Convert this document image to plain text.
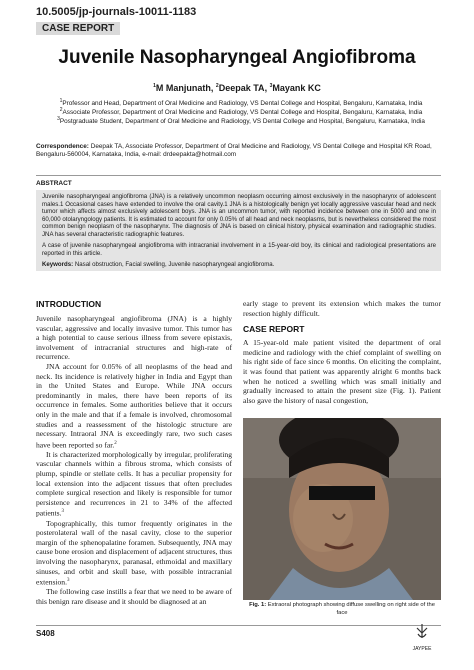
10.5005/jp-journals-10011-1183
CASE REPORT
Juvenile Nasopharyngeal Angiofibroma
$^1$M Manjunath, $^2$Deepak TA, $^3$Mayank KC
$^1$Professor and Head, Department of Oral Medicine and Radiology, VS Dental College and Hospital, Bengaluru, Karnataka, India
$^2$Associate Professor, Department of Oral Medicine and Radiology, VS Dental College and Hospital, Bengaluru, Karnataka, India
$^3$Postgraduate Student, Department of Oral Medicine and Radiology, VS Dental College and Hospital, Bengaluru, Karnataka, India
Correspondence: Deepak TA, Associate Professor, Department of Oral Medicine and Radiology, VS Dental College and Hospital KR Road, Bengaluru-560004, Karnataka, India, e-mail: drdeepakta@hotmail.com
ABSTRACT

Juvenile nasopharyngeal angiofibroma (JNA) is a relatively uncommon neoplasm occurring almost exclusively in the nasopharynx of adolescent males.1 Occasional cases have extended to involve the oral cavity.1 JNA is a histologically benign yet locally aggressive vascular head and neck tumor which affects almost exclusively adolescent boys. JNA is an uncommon tumor, with reported incidence between one in 5000 and one in 60,000 otolaryngology patients. It is estimated to account for only 0.05% of all head and neck neoplasms, but is nevertheless considered the most common benign neoplasm of the nasopharynx. The diagnosis of JNA is based on clinical history, physical examination and radiographic studies. JNA has several characteristic radiographic features.

A case of juvenile nasopharyngeal angiofibroma with intracranial involvement in a 15-year-old boy, its clinical and radiological presentations are reported in this article.

Keywords: Nasal obstruction, Facial swelling, Juvenile nasopharyngeal angiofibroma.
INTRODUCTION

Juvenile nasopharyngeal angiofibroma (JNA) is a highly vascular, aggressive and locally invasive tumor. This tumor has a high potential to cause serious illness from severe epistaxis, involvement of intracranial structures and high-rate of recurrence.

JNA account for 0.05% of all neoplasms of the head and neck. Its incidence is relatively higher in India and Egypt than in the United States and Europe. While JNA occurs predominantly in males, there have been reports of its occurrence in females. Some authorities believe that it occurs only in the male and that if a female is involved, chromosomal studies and a reassessment of the histologic structure are necessary. Intraoral JNA is exceedingly rare, two such cases have been reported so far.$^2$

It is characterized morphologically by irregular, proliferating vascular channels within a fibrous stroma, which consists of plump, spindle or stellate cells. It has a peculiar propensity for local extension into the adjacent tissues that often precludes complete surgical resection and likely is responsible for tumor persistence and recurrences in 21 to 34% of the affected patients.$^3$

Topographically, this tumor frequently originates in the posterolateral wall of the nasal cavity, close to the superior margin of the sphenopalatine foramen. Subsequently, JNA may cause bone erosion and displacement of adjacent structures, thus involving the nasopharynx, paranasal, ethmoidal and maxillary sinuses, and orbit and skull base, with possible intracranial extension.$^3$

The following case instills a fear that we need to be aware of this benign rare disease and it should be diagnosed at an

early stage to prevent its extension which makes the tumor resection highly difficult.

CASE REPORT

A 15-year-old male patient visited the department of oral medicine and radiology with the chief complaint of swelling on his right side of face since 6 months. On eliciting the complaint, it was found that patient was apparently alright 6 months back when he noticed a swelling which was small initially and gradually increased to attain the present size (Fig. 1). Patient also gave the history of nasal congestion,

Fig. 1: Extraoral photograph showing diffuse swelling on right side of the face
S408
JAYPEE
